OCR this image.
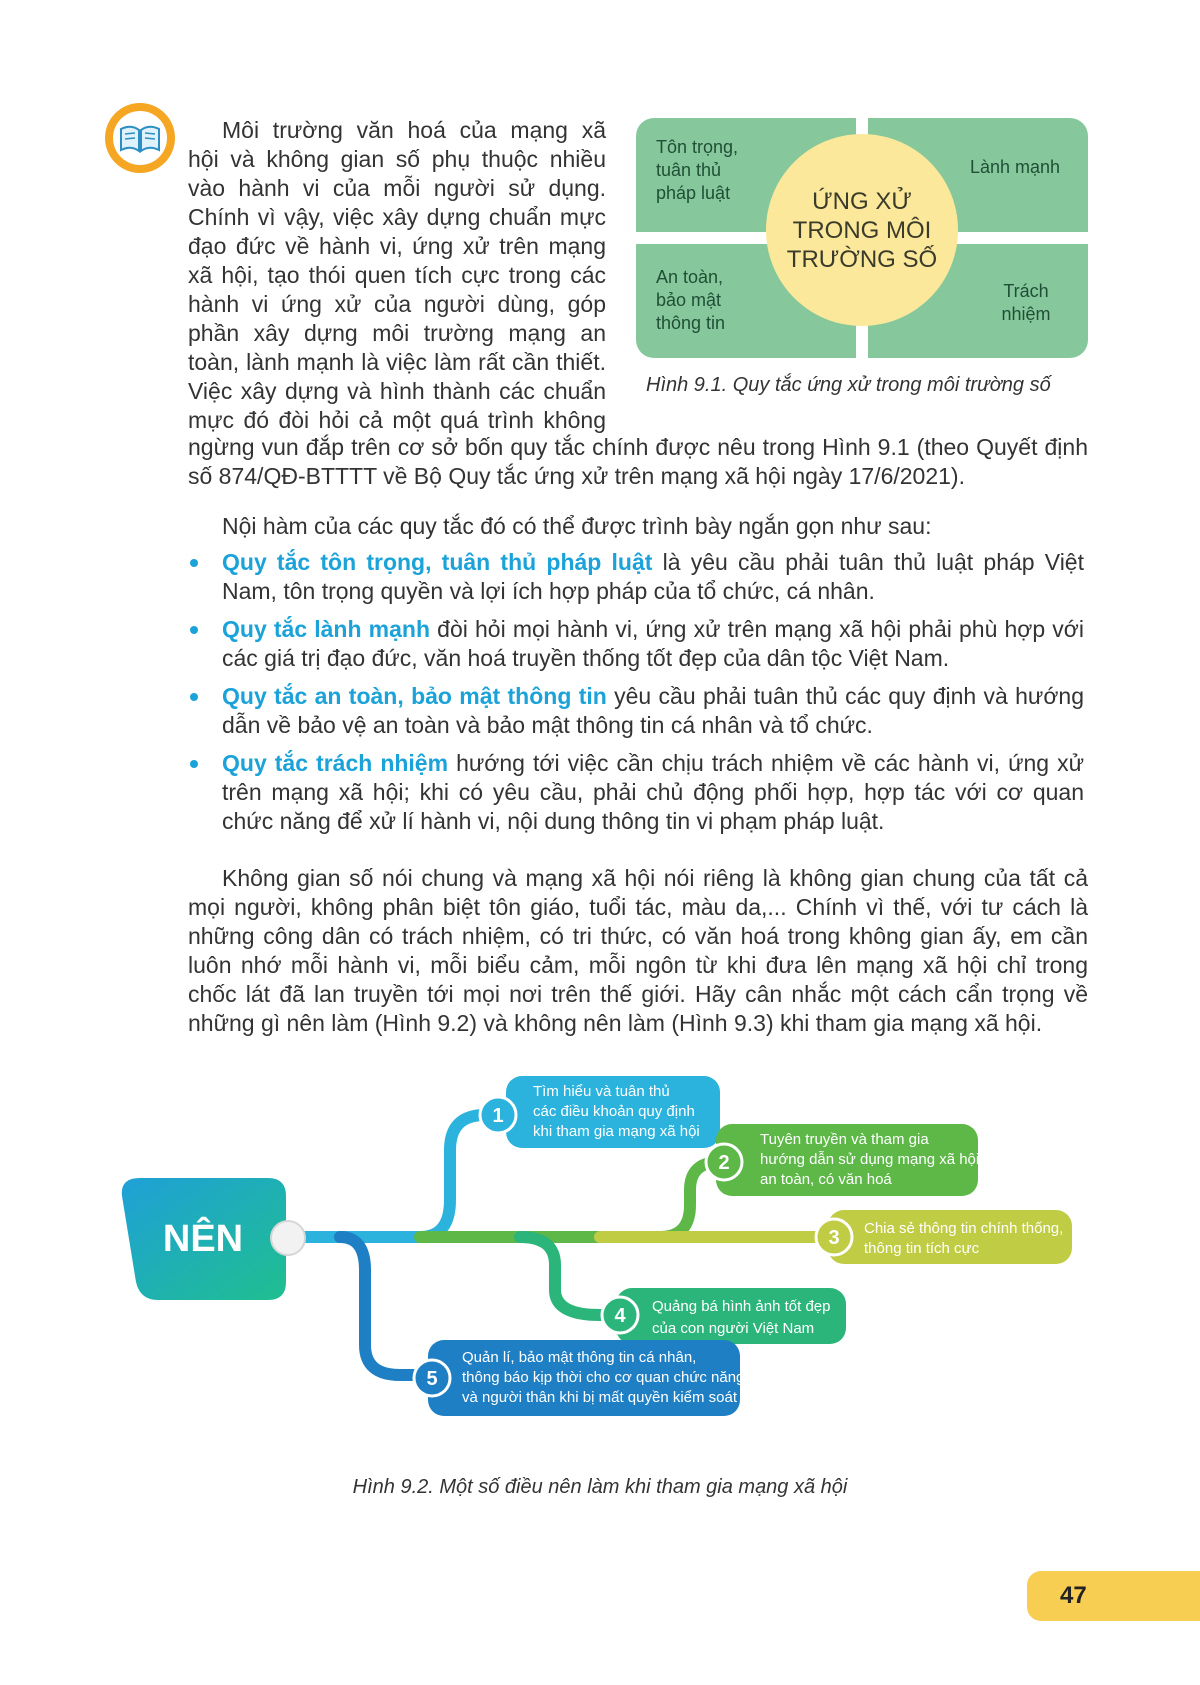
Môi trường văn hoá của mạng xã
hội và không gian số phụ thuộc nhiều
vào hành vi của mỗi người sử dụng.
Chính vì vậy, việc xây dựng chuẩn mực
đạo đức về hành vi, ứng xử trên mạng
xã hội, tạo thói quen tích cực trong các
hành vi ứng xử của người dùng, góp
phần xây dựng môi trường mạng an
toàn, lành mạnh là việc làm rất cần thiết.
Việc xây dựng và hình thành các chuẩn
mực đó đòi hỏi cả một quá trình không
Tôn trọng, tuân thủ pháp luật
Lành mạnh
An toàn, bảo mật thông tin
Trách nhiệm
ỨNG XỬ TRONG MÔI TRƯỜNG SỐ
Hình 9.1. Quy tắc ứng xử trong môi trường số
ngừng vun đắp trên cơ sở bốn quy tắc chính được nêu trong Hình 9.1 (theo Quyết định số 874/QĐ-BTTTT về Bộ Quy tắc ứng xử trên mạng xã hội ngày 17/6/2021).
Nội hàm của các quy tắc đó có thể được trình bày ngắn gọn như sau:
Quy tắc tôn trọng, tuân thủ pháp luật là yêu cầu phải tuân thủ luật pháp Việt Nam, tôn trọng quyền và lợi ích hợp pháp của tổ chức, cá nhân.
Quy tắc lành mạnh đòi hỏi mọi hành vi, ứng xử trên mạng xã hội phải phù hợp với các giá trị đạo đức, văn hoá truyền thống tốt đẹp của dân tộc Việt Nam.
Quy tắc an toàn, bảo mật thông tin yêu cầu phải tuân thủ các quy định và hướng dẫn về bảo vệ an toàn và bảo mật thông tin cá nhân và tổ chức.
Quy tắc trách nhiệm hướng tới việc cần chịu trách nhiệm về các hành vi, ứng xử trên mạng xã hội; khi có yêu cầu, phải chủ động phối hợp, hợp tác với cơ quan chức năng để xử lí hành vi, nội dung thông tin vi phạm pháp luật.
Không gian số nói chung và mạng xã hội nói riêng là không gian chung của tất cả mọi người, không phân biệt tôn giáo, tuổi tác, màu da,... Chính vì thế, với tư cách là những công dân có trách nhiệm, có tri thức, có văn hoá trong không gian ấy, em cần luôn nhớ mỗi hành vi, mỗi biểu cảm, mỗi ngôn từ khi đưa lên mạng xã hội chỉ trong chốc lát đã lan truyền tới mọi nơi trên thế giới. Hãy cân nhắc một cách cẩn trọng về những gì nên làm (Hình 9.2) và không nên làm (Hình 9.3) khi tham gia mạng xã hội.
NÊN
1
Tìm hiểu và tuân thủ
các điều khoản quy định
khi tham gia mạng xã hội
2
Tuyên truyền và tham gia
hướng dẫn sử dụng mạng xã hội
an toàn, có văn hoá
3 Chia sẻ thông tin chính thống,
thông tin tích cực
4 Quảng bá hình ảnh tốt đẹp
của con người Việt Nam
5
Quản lí, bảo mật thông tin cá nhân,
thông báo kịp thời cho cơ quan chức năng
và người thân khi bị mất quyền kiểm soát
Hình 9.2. Một số điều nên làm khi tham gia mạng xã hội
47
